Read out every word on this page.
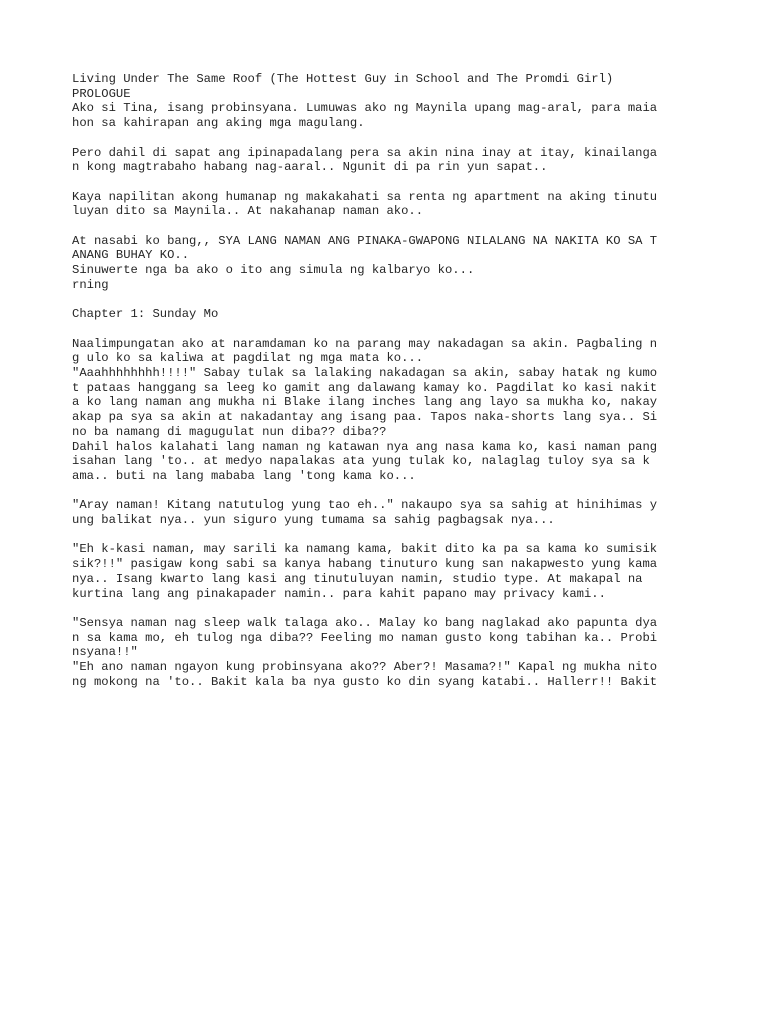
Living Under The Same Roof (The Hottest Guy in School and The Promdi Girl)
PROLOGUE
Ako si Tina, isang probinsyana. Lumuwas ako ng Maynila upang mag-aral, para maia
hon sa kahirapan ang aking mga magulang.
Pero dahil di sapat ang ipinapadalang pera sa akin nina inay at itay, kinailanga
n kong magtrabaho habang nag-aaral.. Ngunit di pa rin yun sapat..
Kaya napilitan akong humanap ng makakahati sa renta ng apartment na aking tinutu
luyan dito sa Maynila.. At nakahanap naman ako..
At nasabi ko bang,, SYA LANG NAMAN ANG PINAKA-GWAPONG NILALANG NA NAKITA KO SA T
ANANG BUHAY KO..
Sinuwerte nga ba ako o ito ang simula ng kalbaryo ko...
rning
Chapter 1: Sunday Mo
Naalimpungatan ako at naramdaman ko na parang may nakadagan sa akin. Pagbaling n
g ulo ko sa kaliwa at pagdilat ng mga mata ko...
"Aaahhhhhhhh!!!!" Sabay tulak sa lalaking nakadagan sa akin, sabay hatak ng kumo
t pataas hanggang sa leeg ko gamit ang dalawang kamay ko. Pagdilat ko kasi nakit
a ko lang naman ang mukha ni Blake ilang inches lang ang layo sa mukha ko, nakay
akap pa sya sa akin at nakadantay ang isang paa. Tapos naka-shorts lang sya.. Si
no ba namang di magugulat nun diba?? diba??
Dahil halos kalahati lang naman ng katawan nya ang nasa kama ko, kasi naman pang
isahan lang 'to.. at medyo napalakas ata yung tulak ko, nalaglag tuloy sya sa k
ama.. buti na lang mababa lang 'tong kama ko...
"Aray naman! Kitang natutulog yung tao eh.." nakaupo sya sa sahig at hinihimas y
ung balikat nya.. yun siguro yung tumama sa sahig pagbagsak nya...
"Eh k-kasi naman, may sarili ka namang kama, bakit dito ka pa sa kama ko sumisik
sik?!!" pasigaw kong sabi sa kanya habang tinuturo kung san nakapwesto yung kama
nya.. Isang kwarto lang kasi ang tinutuluyan namin, studio type. At makapal na
kurtina lang ang pinakapader namin.. para kahit papano may privacy kami..
"Sensya naman nag sleep walk talaga ako.. Malay ko bang naglakad ako papunta dya
n sa kama mo, eh tulog nga diba?? Feeling mo naman gusto kong tabihan ka.. Probi
nsyana!!"
"Eh ano naman ngayon kung probinsyana ako?? Aber?! Masama?!" Kapal ng mukha nito
ng mokong na 'to.. Bakit kala ba nya gusto ko din syang katabi.. Hallerr!! Bakit
